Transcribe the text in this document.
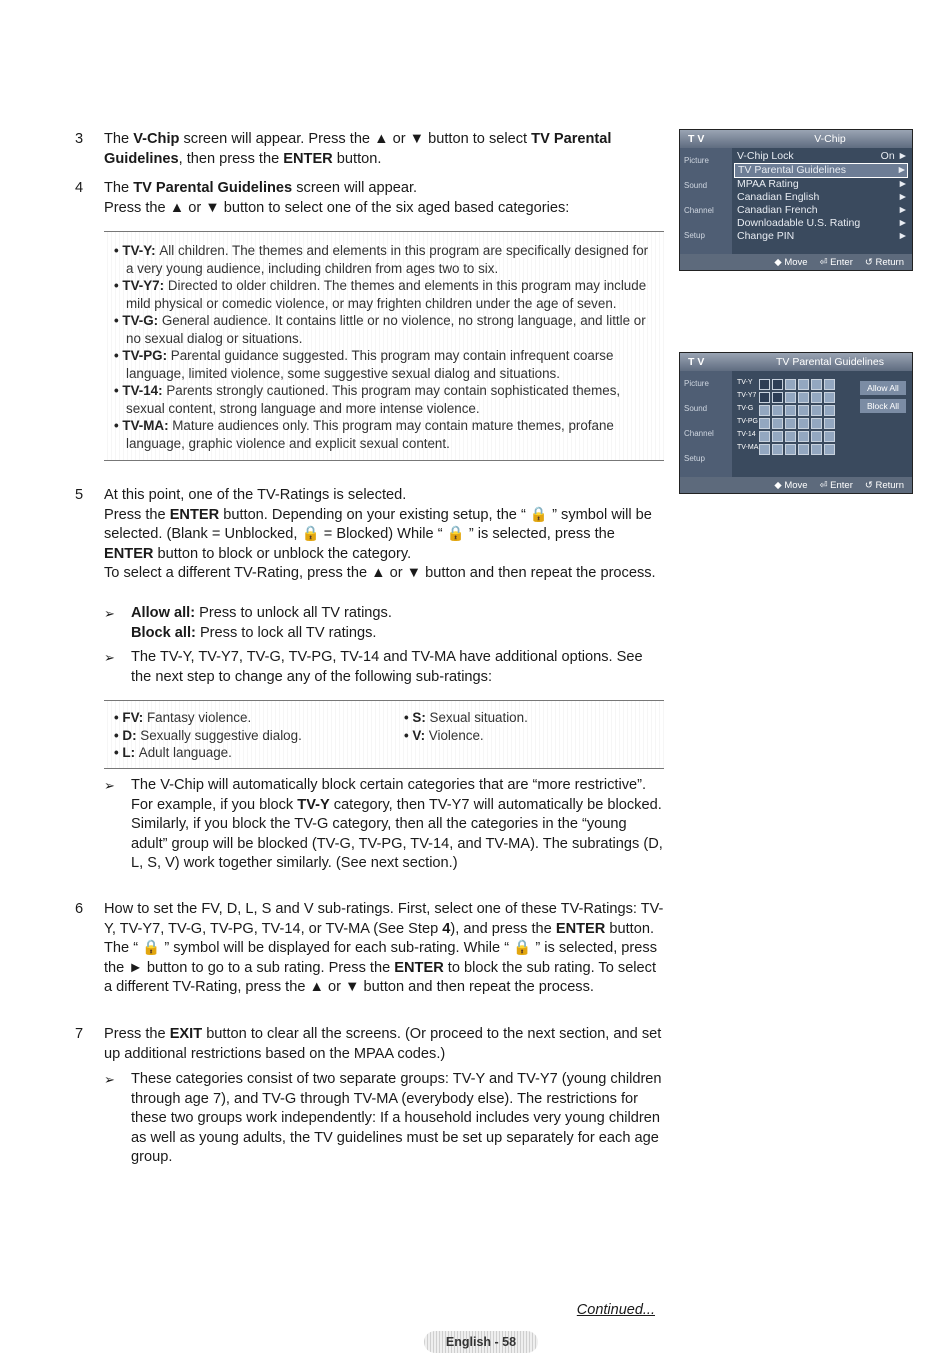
3	The V-Chip screen will appear. Press the ▲ or ▼ button to select TV Parental Guidelines, then press the ENTER button.
4	The TV Parental Guidelines screen will appear.
Press the ▲ or ▼ button to select one of the six aged based categories:
• TV-Y: All children. The themes and elements in this program are specifically designed for a very young audience, including children from ages two to six.
• TV-Y7: Directed to older children. The themes and elements in this program may include mild physical or comedic violence, or may frighten children under the age of seven.
• TV-G: General audience. It contains little or no violence, no strong language, and little or no sexual dialog or situations.
• TV-PG: Parental guidance suggested. This program may contain infrequent coarse language, limited violence, some suggestive sexual dialog and situations.
• TV-14: Parents strongly cautioned. This program may contain sophisticated themes, sexual content, strong language and more intense violence.
• TV-MA: Mature audiences only. This program may contain mature themes, profane language, graphic violence and explicit sexual content.
5	At this point, one of the TV-Ratings is selected.
Press the ENTER button. Depending on your existing setup, the “ 🔒 ” symbol will be selected. (Blank = Unblocked, 🔒 = Blocked) While “ 🔒 ” is selected, press the ENTER button to block or unblock the category.
To select a different TV-Rating, press the ▲ or ▼ button and then repeat the process.
➢ Allow all: Press to unlock all TV ratings.
Block all: Press to lock all TV ratings.
➢ The TV-Y, TV-Y7, TV-G, TV-PG, TV-14 and TV-MA have additional options. See the next step to change any of the following sub-ratings:
• FV: Fantasy violence.	• S: Sexual situation.
• D: Sexually suggestive dialog.	• V: Violence.
• L: Adult language.
➢ The V-Chip will automatically block certain categories that are “more restrictive”. For example, if you block TV-Y category, then TV-Y7 will automatically be blocked. Similarly, if you block the TV-G category, then all the categories in the “young adult” group will be blocked (TV-G, TV-PG, TV-14, and TV-MA). The subratings (D, L, S, V) work together similarly. (See next section.)
6	How to set the FV, D, L, S and V sub-ratings. First, select one of these TV-Ratings: TV-Y, TV-Y7, TV-G, TV-PG, TV-14, or TV-MA (See Step 4), and press the ENTER button. The “ 🔒 ” symbol will be displayed for each sub-rating. While “ 🔒 ” is selected, press the ► button to go to a sub rating. Press the ENTER to block the sub rating. To select a different TV-Rating, press the ▲ or ▼ button and then repeat the process.
7	Press the EXIT button to clear all the screens. (Or proceed to the next section, and set up additional restrictions based on the MPAA codes.)
➢ These categories consist of two separate groups: TV-Y and TV-Y7 (young children through age 7), and TV-G through TV-MA (everybody else). The restrictions for these two groups work independently: If a household includes very young children as well as young adults, the TV guidelines must be set up separately for each age group.
Continued...
English - 58
T V	V-Chip
Picture
Sound
Channel
Setup
V-Chip Lock	On ►
TV Parental Guidelines	►
MPAA Rating	►
Canadian English	►
Canadian French	►
Downloadable U.S. Rating	►
Change PIN	►
◆ Move ⏎ Enter ↺ Return
T V	TV Parental Guidelines
Picture
Sound
Channel
Setup
TV-Y
TV-Y7
TV-G
TV-PG
TV-14
TV-MA
Allow All
Block All
◆ Move ⏎ Enter ↺ Return
